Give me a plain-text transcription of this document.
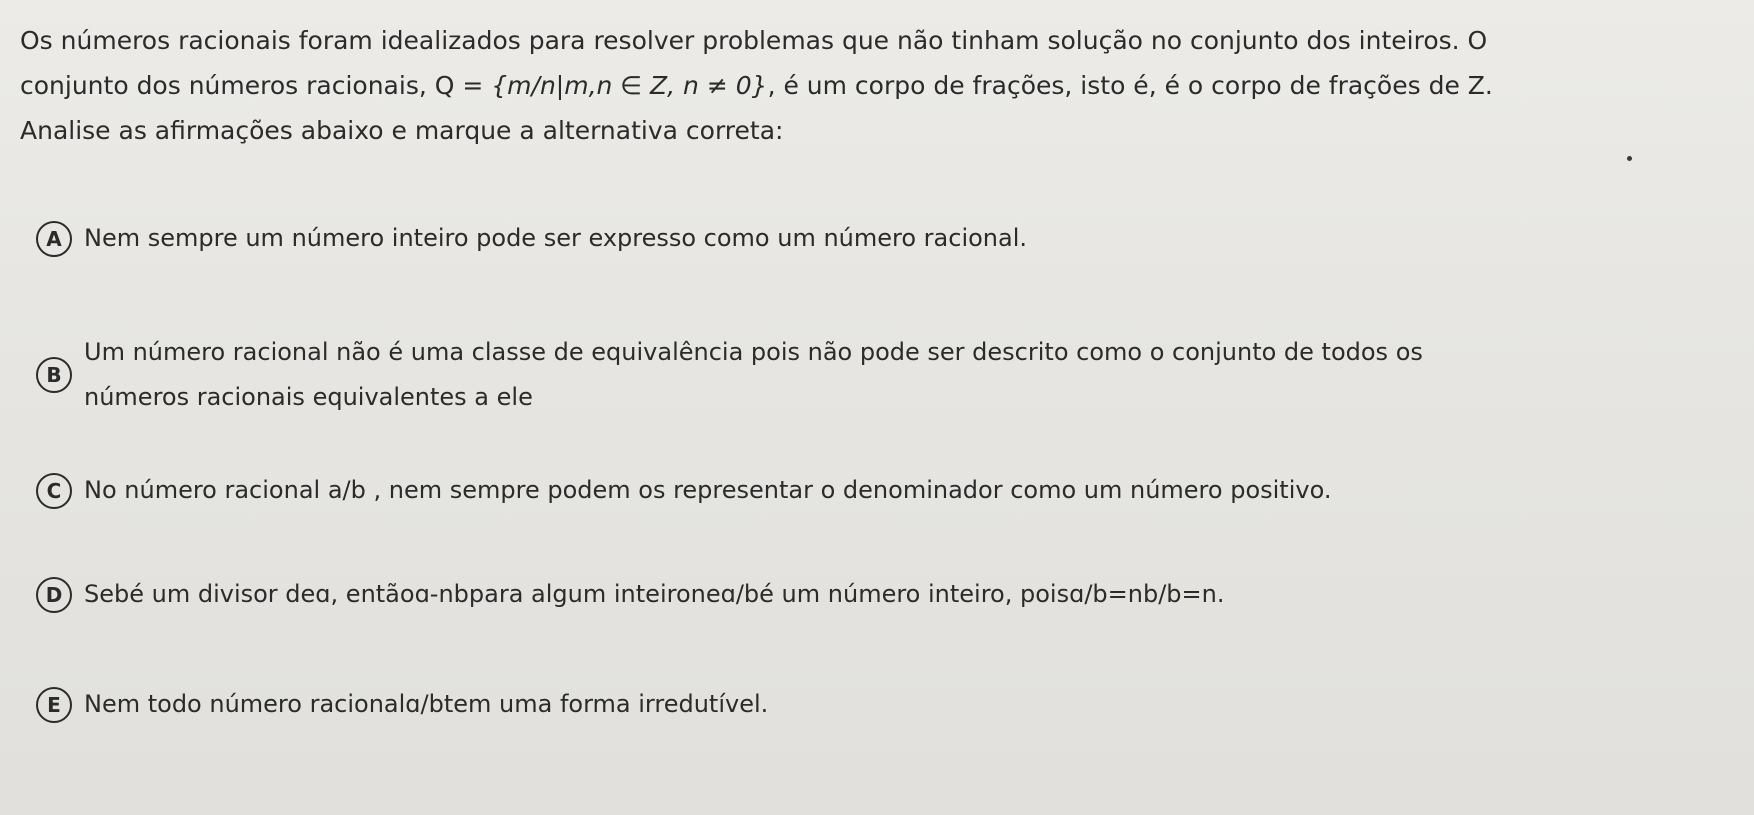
Os números racionais foram idealizados para resolver problemas que não tinham solução no conjunto dos inteiros. O
conjunto dos números racionais, Q = {m/n|m,n ∈ Z, n ≠ 0}, é um corpo de frações, isto é, é o corpo de frações de Z.
Analise as afirmações abaixo e marque a alternativa correta:
A Nem sempre um número inteiro pode ser expresso como um número racional.
B
Um número racional não é uma classe de equivalência pois não pode ser descrito como o conjunto de todos os
números racionais equivalentes a ele
C No número racional a/b , nem sempre podem os representar o denominador como um número positivo.
D Sebé um divisor deɑ, entãoɑ-nbpara algum inteironeɑ/bé um número inteiro, poisɑ/b=nb/b=n.
E Nem todo número racionalɑ/btem uma forma irredutível.
